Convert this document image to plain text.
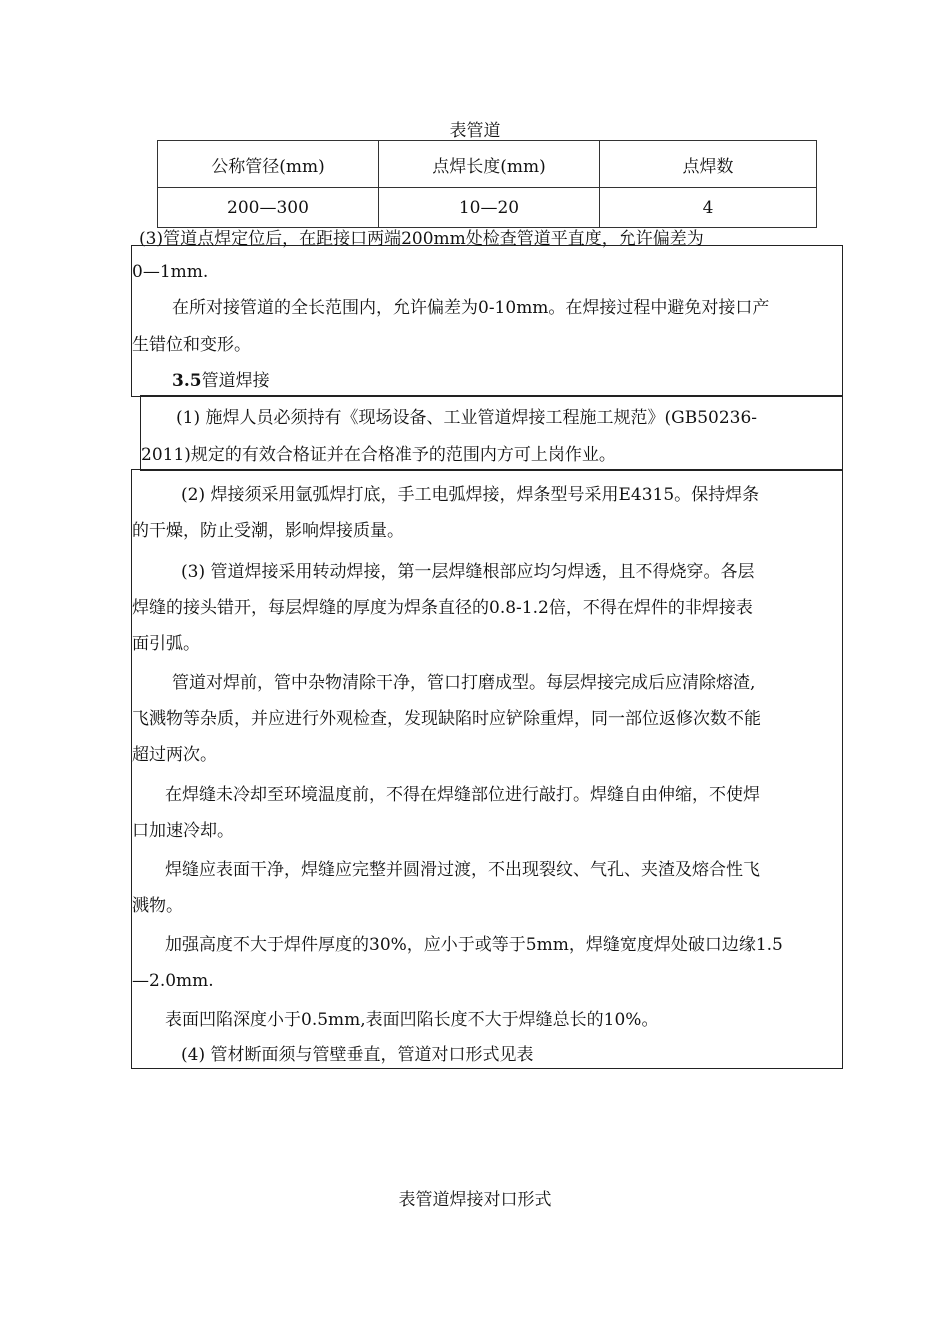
表管道
公称管径(mm)	点焊长度(mm)	点焊数
200—300	10—20	4
(3)管道点焊定位后，在距接口两端200mm处检查管道平直度，允许偏差为
0—1mm.
在所对接管道的全长范围内，允许偏差为0-10mm。在焊接过程中避免对接口产
生错位和变形。
3.5管道焊接
(1) 施焊人员必须持有《现场设备、工业管道焊接工程施工规范》(GB50236-
2011)规定的有效合格证并在合格准予的范围内方可上岗作业。
(2) 焊接须采用氩弧焊打底，手工电弧焊接，焊条型号采用E4315。保持焊条
的干燥，防止受潮，影响焊接质量。
(3) 管道焊接采用转动焊接，第一层焊缝根部应均匀焊透，且不得烧穿。各层
焊缝的接头错开，每层焊缝的厚度为焊条直径的0.8-1.2倍，不得在焊件的非焊接表
面引弧。
管道对焊前，管中杂物清除干净，管口打磨成型。每层焊接完成后应清除熔渣,
飞溅物等杂质，并应进行外观检查，发现缺陷时应铲除重焊，同一部位返修次数不能
超过两次。
在焊缝未冷却至环境温度前，不得在焊缝部位进行敲打。焊缝自由伸缩，不使焊
口加速冷却。
焊缝应表面干净，焊缝应完整并圆滑过渡，不出现裂纹、气孔、夹渣及熔合性飞
溅物。
加强高度不大于焊件厚度的30%，应小于或等于5mm，焊缝宽度焊处破口边缘1.5
—2.0mm.
表面凹陷深度小于0.5mm,表面凹陷长度不大于焊缝总长的10%。
(4) 管材断面须与管壁垂直，管道对口形式见表
表管道焊接对口形式
